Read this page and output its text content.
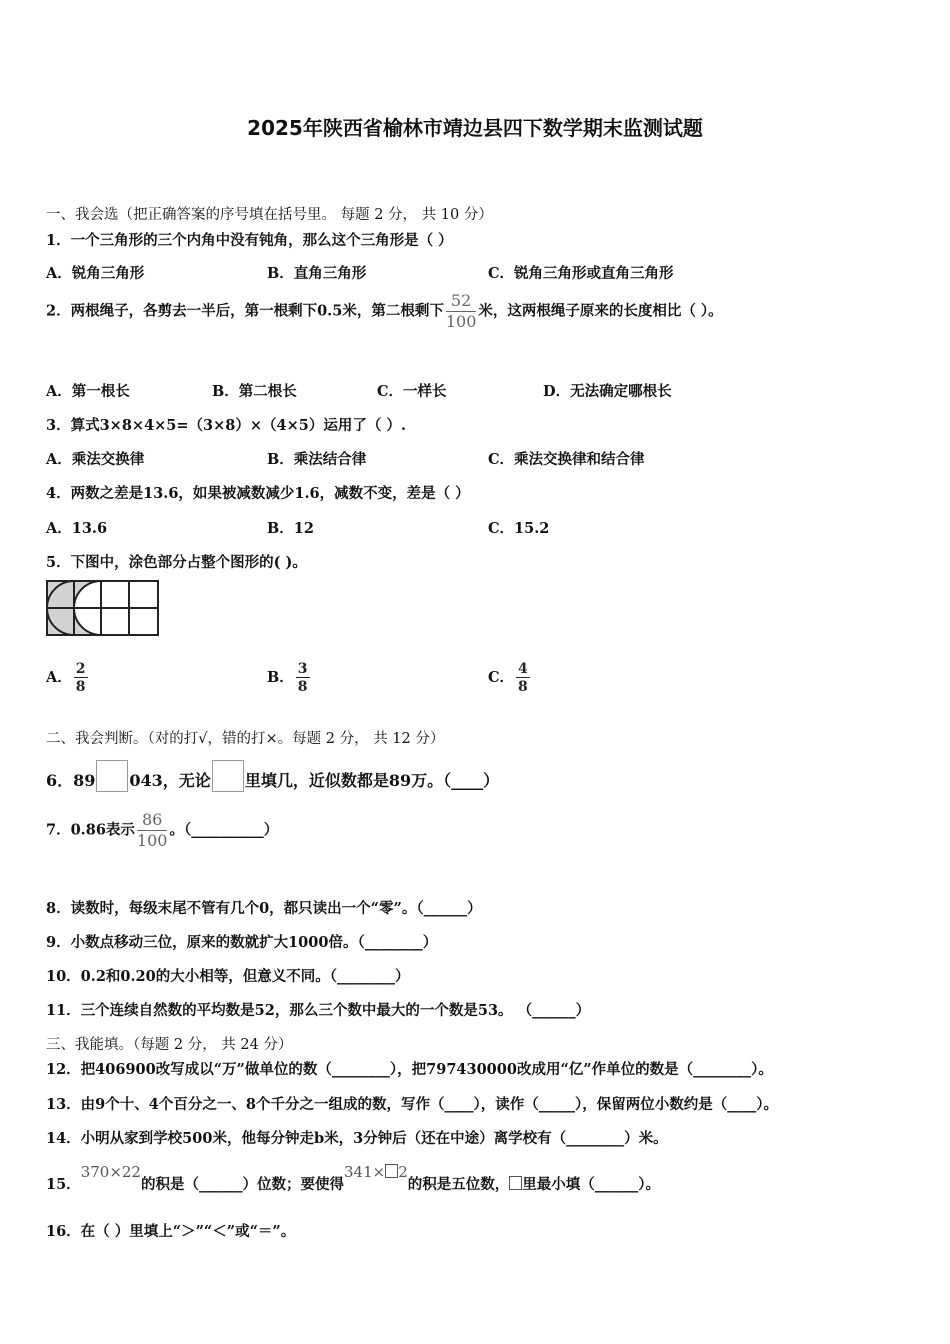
2025年陕西省榆林市靖边县四下数学期末监测试题
一、我会选（把正确答案的序号填在括号里。 每题 2 分， 共 10 分）
1．一个三角形的三个内角中没有钝角，那么这个三角形是（ ）
A．锐角三角形	B．直角三角形	C．锐角三角形或直角三角形
2．两根绳子，各剪去一半后，第一根剩下0.5米，第二根剩下 $\frac{52}{100}$ 米，这两根绳子原来的长度相比（ ）。
A．第一根长	B．第二根长	C．一样长	D．无法确定哪根长
3．算式3×8×4×5=（3×8）×（4×5）运用了（ ）.
A．乘法交换律	B．乘法结合律	C．乘法交换律和结合律
4．两数之差是13.6，如果被减数减少1.6，减数不变，差是（ ）
A．13.6	B．12	C．15.2
5．下图中，涂色部分占整个图形的( )。
A． $\frac{2}{8}$	B． $\frac{3}{8}$	C． $\frac{4}{8}$
二、我会判断。（对的打√，错的打×。每题 2 分， 共 12 分）
6．89 043，无论 里填几，近似数都是89万。（____）
7．0.86表示 $\frac{86}{100}$ 。（__________）
8．读数时，每级末尾不管有几个0，都只读出一个“零”。（______）
9．小数点移动三位，原来的数就扩大1000倍。（________）
10．0.2和0.20的大小相等，但意义不同。（________）
11．三个连续自然数的平均数是52，那么三个数中最大的一个数是53。 （______）
三、我能填。（每题 2 分， 共 24 分）
12．把406900改写成以“万”做单位的数（________），把797430000改成用“亿”作单位的数是（________）。
13．由9个十、4个百分之一、8个千分之一组成的数，写作（____），读作（_____），保留两位小数约是（____）。
14．小明从家到学校500米，他每分钟走b米，3分钟后（还在中途）离学校有（________）米。
15．370×22的积是（______）位数；要使得341× 2的积是五位数， 里最小填（______）。
16．在（ ）里填上“＞”“＜”或“＝”。
